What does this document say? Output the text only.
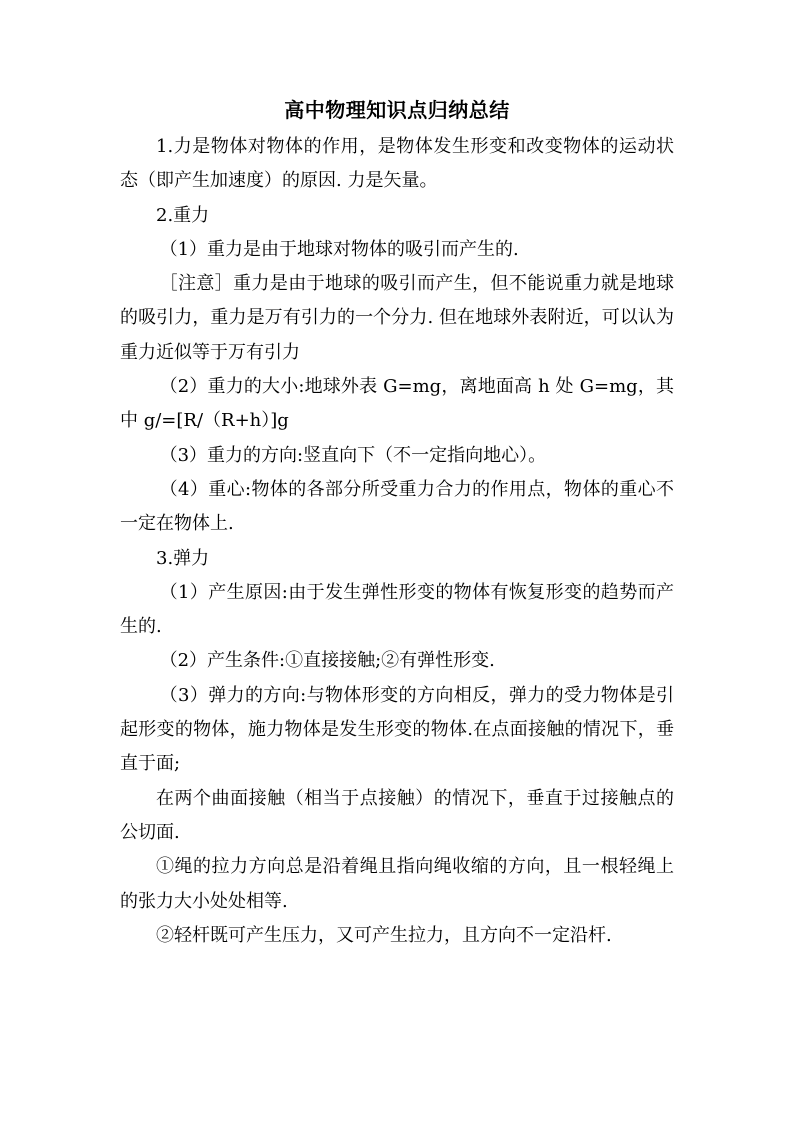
高中物理知识点归纳总结

1.力是物体对物体的作用，是物体发生形变和改变物体的运动状态（即产生加速度）的原因. 力是矢量。

2.重力

（1）重力是由于地球对物体的吸引而产生的.

［注意］重力是由于地球的吸引而产生，但不能说重力就是地球的吸引力，重力是万有引力的一个分力. 但在地球外表附近，可以认为重力近似等于万有引力

（2）重力的大小:地球外表 G=mg，离地面高 h 处 G=mg，其中 g/=[R/（R+h）]g

（3）重力的方向:竖直向下（不一定指向地心）。

（4）重心:物体的各部分所受重力合力的作用点，物体的重心不一定在物体上.

3.弹力

（1）产生原因:由于发生弹性形变的物体有恢复形变的趋势而产生的.

（2）产生条件:①直接接触;②有弹性形变.

（3）弹力的方向:与物体形变的方向相反，弹力的受力物体是引起形变的物体，施力物体是发生形变的物体.在点面接触的情况下，垂直于面;

在两个曲面接触（相当于点接触）的情况下，垂直于过接触点的公切面.

①绳的拉力方向总是沿着绳且指向绳收缩的方向，且一根轻绳上的张力大小处处相等.

②轻杆既可产生压力，又可产生拉力，且方向不一定沿杆.
